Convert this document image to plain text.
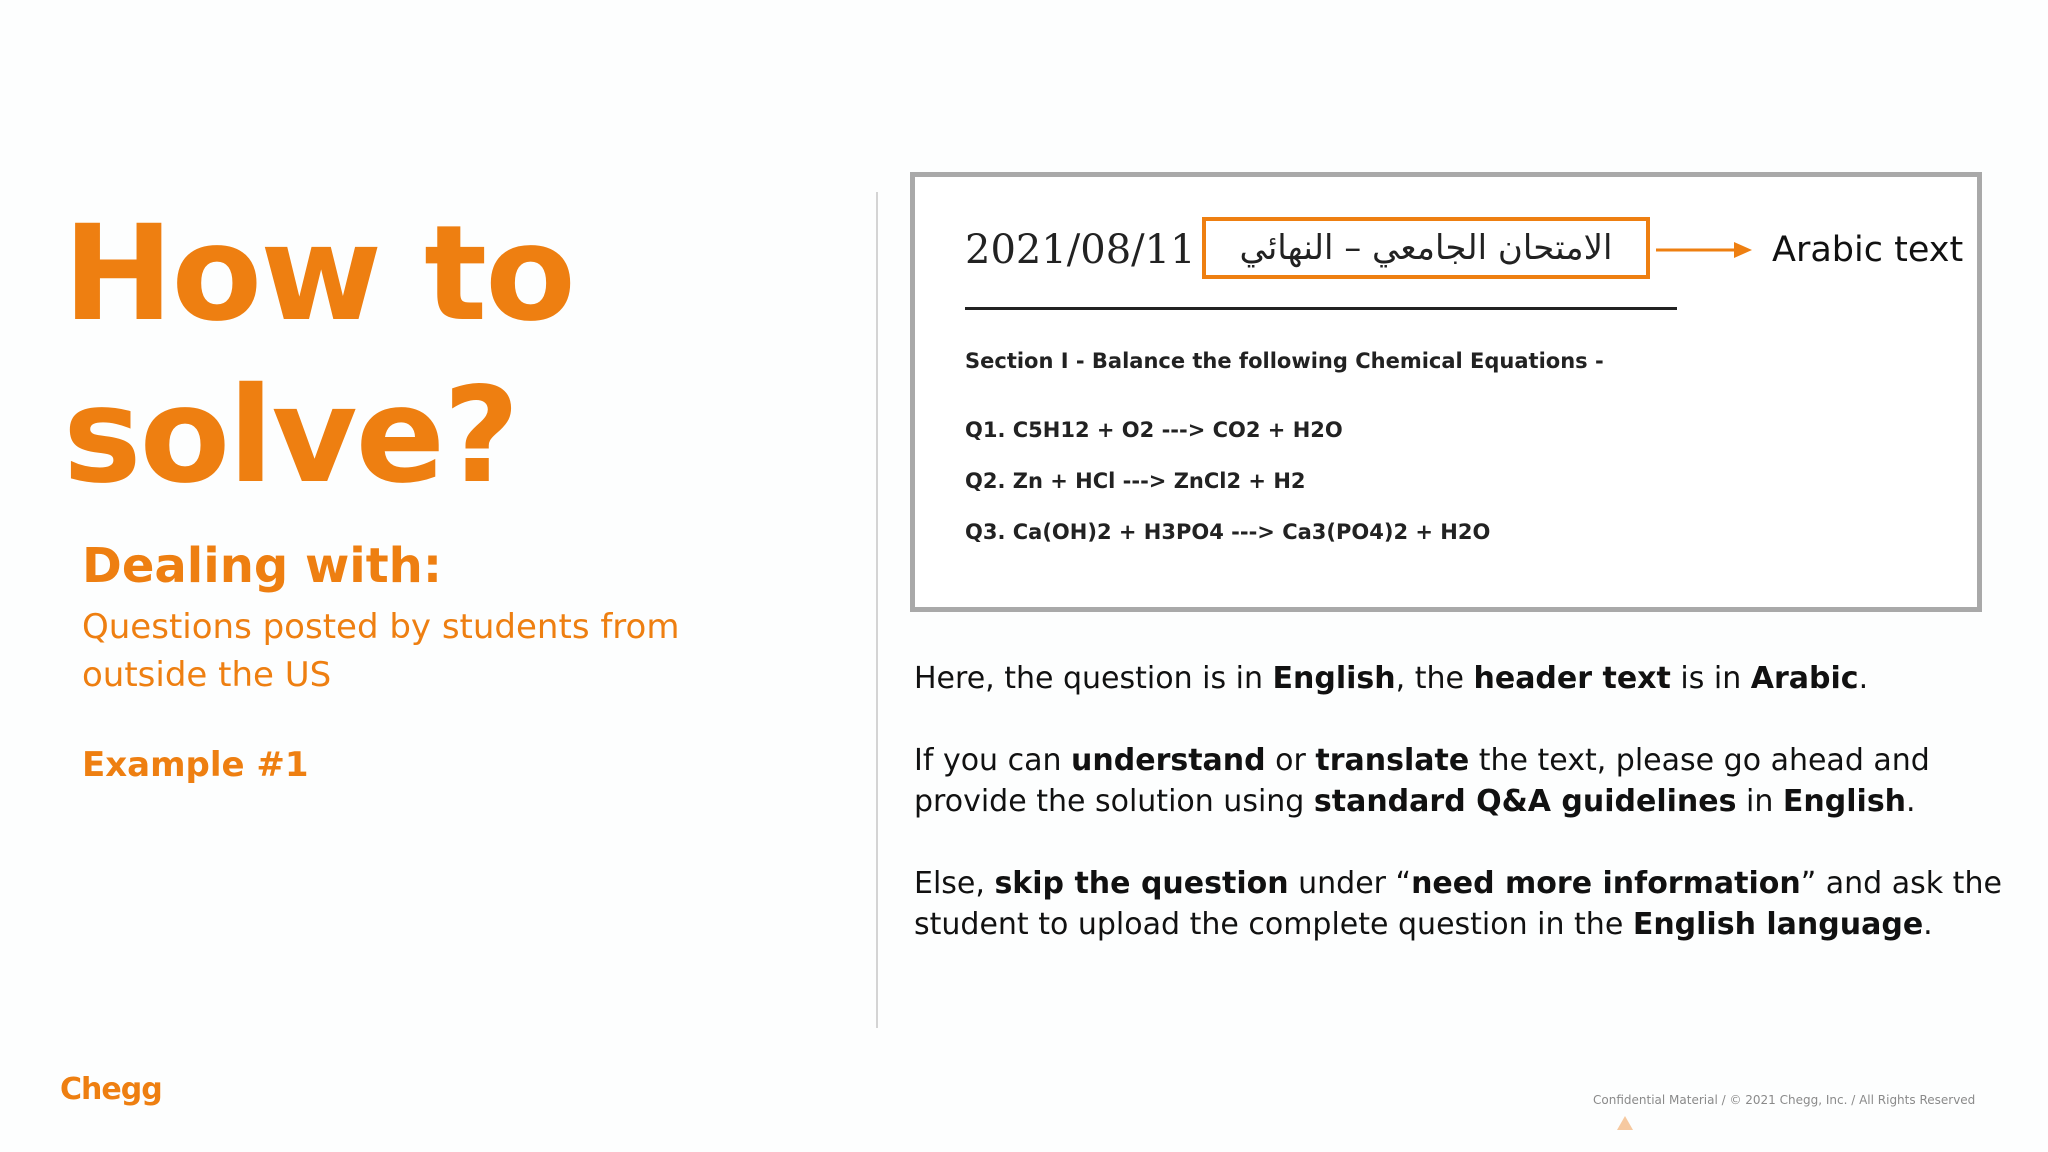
How to
solve?
Dealing with:
Questions posted by students from outside the US
Example #1
2021/08/11 الامتحان الجامعي – النهائي
Section I - Balance the following Chemical Equations -
Q1. C5H12 + O2 ---> CO2 + H2O
Q2. Zn + HCl ---> ZnCl2 + H2
Q3. Ca(OH)2 + H3PO4 ---> Ca3(PO4)2 + H2O
Arabic text
Here, the question is in English, the header text is in Arabic.
If you can understand or translate the text, please go ahead and provide the solution using standard Q&A guidelines in English.
Else, skip the question under “need more information” and ask the student to upload the complete question in the English language.
Chegg	Confidential Material / © 2021 Chegg, Inc. / All Rights Reserved
